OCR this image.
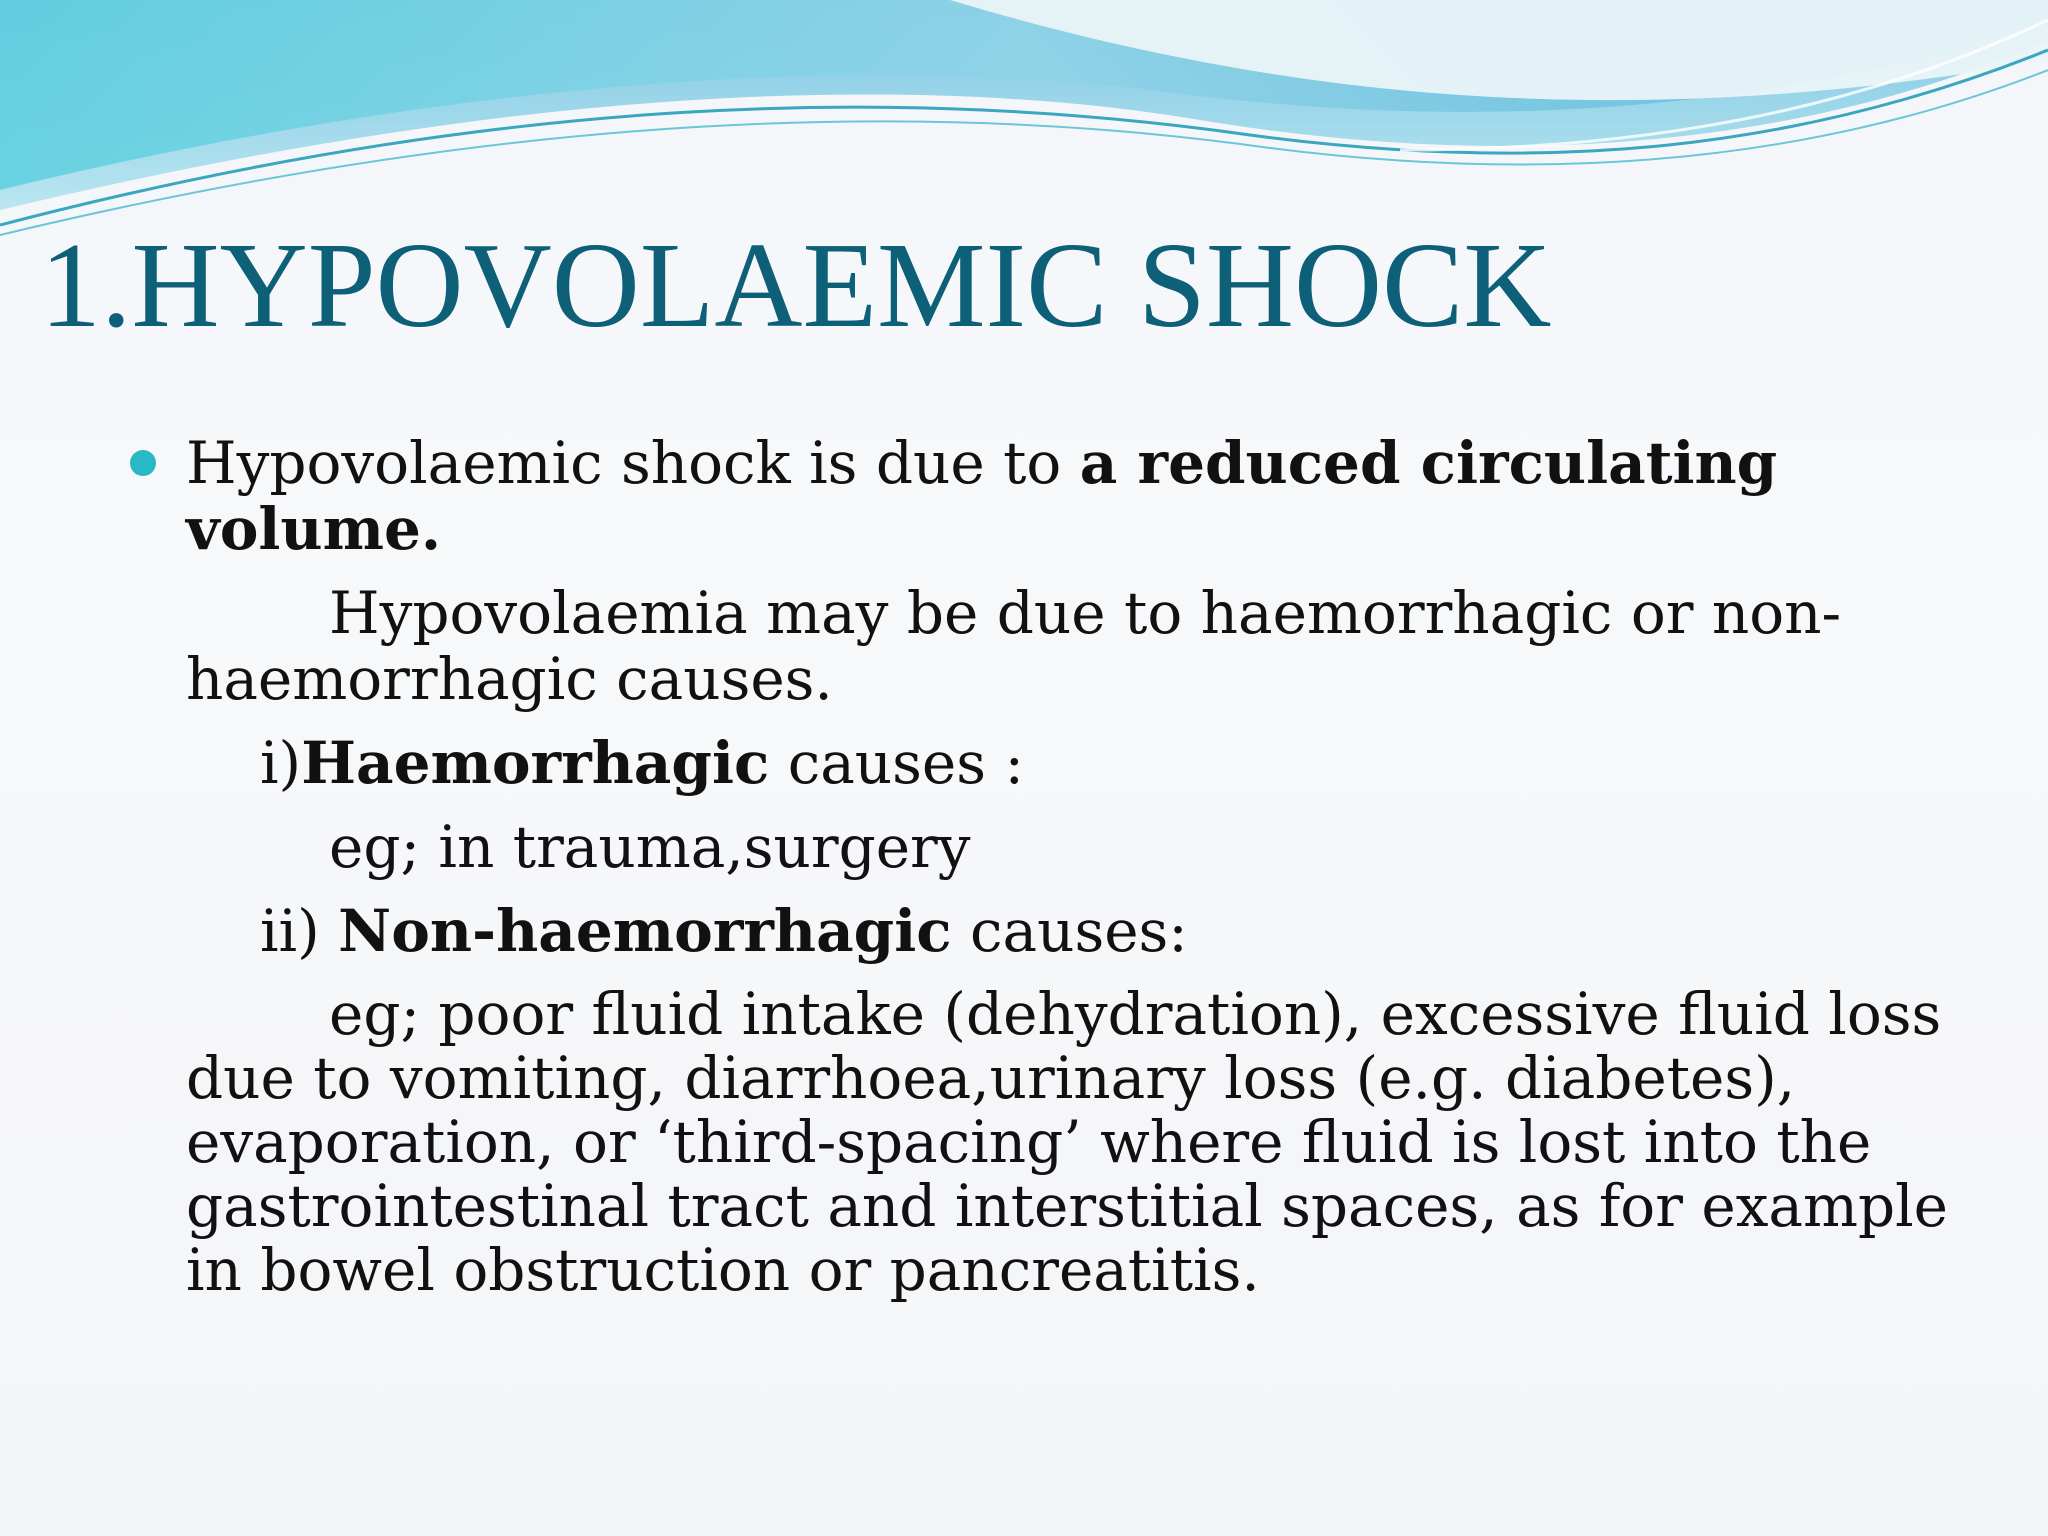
1.HYPOVOLAEMIC SHOCK

Hypovolaemic shock is due to a reduced circulating volume.

Hypovolaemia may be due to haemorrhagic or non-haemorrhagic causes.

i)Haemorrhagic causes :

eg; in trauma,surgery

ii) Non-haemorrhagic causes:

eg; poor fluid intake (dehydration), excessive fluid loss due to vomiting, diarrhoea,urinary loss (e.g. diabetes), evaporation, or ‘third-spacing’ where fluid is lost into the gastrointestinal tract and interstitial spaces, as for example in bowel obstruction or pancreatitis.
